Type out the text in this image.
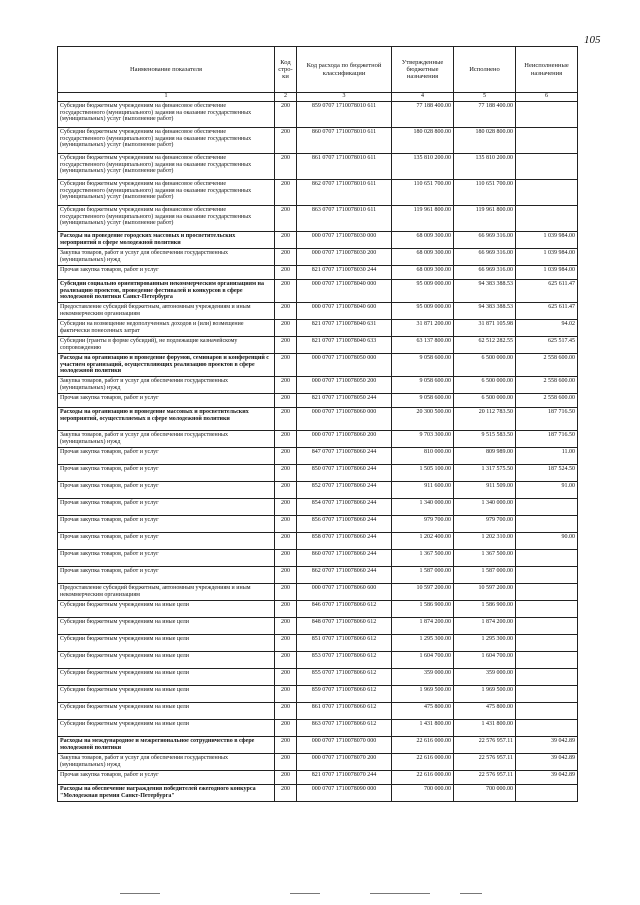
105
Наименование показателя	Код стро-ки	Код расхода по бюджетной классификации	Утвержденные бюджетные назначения	Исполнено	Неисполненные назначения
1	2	3	4	5	6
Субсидии бюджетным учреждениям на финансовое обеспечение государственного (муниципального) задания на оказание государственных (муниципальных) услуг (выполнение работ)	200	859 0707 1710078010 611	77 188 400.00	77 188 400.00	
Субсидии бюджетным учреждениям на финансовое обеспечение государственного (муниципального) задания на оказание государственных (муниципальных) услуг (выполнение работ)	200	860 0707 1710078010 611	180 028 800.00	180 028 800.00	
Субсидии бюджетным учреждениям на финансовое обеспечение государственного (муниципального) задания на оказание государственных (муниципальных) услуг (выполнение работ)	200	861 0707 1710078010 611	135 810 200.00	135 810 200.00	
Субсидии бюджетным учреждениям на финансовое обеспечение государственного (муниципального) задания на оказание государственных (муниципальных) услуг (выполнение работ)	200	862 0707 1710078010 611	110 651 700.00	110 651 700.00	
Субсидии бюджетным учреждениям на финансовое обеспечение государственного (муниципального) задания на оказание государственных (муниципальных) услуг (выполнение работ)	200	863 0707 1710078010 611	119 961 800.00	119 961 800.00	
Расходы на проведение городских массовых и просветительских мероприятий в сфере молодежной политики	200	000 0707 1710078030 000	68 009 300.00	66 969 316.00	1 039 984.00
Закупка товаров, работ и услуг для обеспечения государственных (муниципальных) нужд	200	000 0707 1710078030 200	68 009 300.00	66 969 316.00	1 039 984.00
Прочая закупка товаров, работ и услуг	200	821 0707 1710078030 244	68 009 300.00	66 969 316.00	1 039 984.00
Субсидии социально ориентированным некоммерческим организациям на реализацию проектов, проведение фестивалей и конкурсов в сфере молодежной политики Санкт-Петербурга	200	000 0707 1710078040 000	95 009 000.00	94 383 388.53	625 611.47
Предоставление субсидий бюджетным, автономным учреждениям и иным некоммерческим организациям	200	000 0707 1710078040 600	95 009 000.00	94 383 388.53	625 611.47
Субсидии на возмещение недополученных доходов и (или) возмещение фактически понесенных затрат	200	821 0707 1710078040 631	31 871 200.00	31 871 105.98	94.02
Субсидии (гранты в форме субсидий), не подлежащие казначейскому сопровождению	200	821 0707 1710078040 633	63 137 800.00	62 512 282.55	625 517.45
Расходы на организацию и проведение форумов, семинаров и конференций с участием организаций, осуществляющих реализацию проектов в сфере молодежной политики	200	000 0707 1710078050 000	9 058 600.00	6 500 000.00	2 558 600.00
Закупка товаров, работ и услуг для обеспечения государственных (муниципальных) нужд	200	000 0707 1710078050 200	9 058 600.00	6 500 000.00	2 558 600.00
Прочая закупка товаров, работ и услуг	200	821 0707 1710078050 244	9 058 600.00	6 500 000.00	2 558 600.00
Расходы на организацию и проведение массовых и просветительских мероприятий, осуществляемых в сфере молодежной политики	200	000 0707 1710078060 000	20 300 500.00	20 112 783.50	187 716.50
Закупка товаров, работ и услуг для обеспечения государственных (муниципальных) нужд	200	000 0707 1710078060 200	9 703 300.00	9 515 583.50	187 716.50
Прочая закупка товаров, работ и услуг	200	847 0707 1710078060 244	810 000.00	809 989.00	11.00
Прочая закупка товаров, работ и услуг	200	850 0707 1710078060 244	1 505 100.00	1 317 575.50	187 524.50
Прочая закупка товаров, работ и услуг	200	852 0707 1710078060 244	911 600.00	911 509.00	91.00
Прочая закупка товаров, работ и услуг	200	854 0707 1710078060 244	1 340 000.00	1 340 000.00	
Прочая закупка товаров, работ и услуг	200	856 0707 1710078060 244	979 700.00	979 700.00	
Прочая закупка товаров, работ и услуг	200	858 0707 1710078060 244	1 202 400.00	1 202 310.00	90.00
Прочая закупка товаров, работ и услуг	200	860 0707 1710078060 244	1 367 500.00	1 367 500.00	
Прочая закупка товаров, работ и услуг	200	862 0707 1710078060 244	1 587 000.00	1 587 000.00	
Предоставление субсидий бюджетным, автономным учреждениям и иным некоммерческим организациям	200	000 0707 1710078060 600	10 597 200.00	10 597 200.00	
Субсидии бюджетным учреждениям на иные цели	200	846 0707 1710078060 612	1 586 900.00	1 586 900.00	
Субсидии бюджетным учреждениям на иные цели	200	848 0707 1710078060 612	1 874 200.00	1 874 200.00	
Субсидии бюджетным учреждениям на иные цели	200	851 0707 1710078060 612	1 295 300.00	1 295 300.00	
Субсидии бюджетным учреждениям на иные цели	200	853 0707 1710078060 612	1 604 700.00	1 604 700.00	
Субсидии бюджетным учреждениям на иные цели	200	855 0707 1710078060 612	359 000.00	359 000.00	
Субсидии бюджетным учреждениям на иные цели	200	859 0707 1710078060 612	1 969 500.00	1 969 500.00	
Субсидии бюджетным учреждениям на иные цели	200	861 0707 1710078060 612	475 800.00	475 800.00	
Субсидии бюджетным учреждениям на иные цели	200	863 0707 1710078060 612	1 431 800.00	1 431 800.00	
Расходы на международное и межрегиональное сотрудничество в сфере молодежной политики	200	000 0707 1710078070 000	22 616 000.00	22 576 957.11	39 042.89
Закупка товаров, работ и услуг для обеспечения государственных (муниципальных) нужд	200	000 0707 1710078070 200	22 616 000.00	22 576 957.11	39 042.89
Прочая закупка товаров, работ и услуг	200	821 0707 1710078070 244	22 616 000.00	22 576 957.11	39 042.89
Расходы на обеспечение награждения победителей ежегодного конкурса "Молодежная премия Санкт-Петербурга"	200	000 0707 1710078090 000	700 000.00	700 000.00	
